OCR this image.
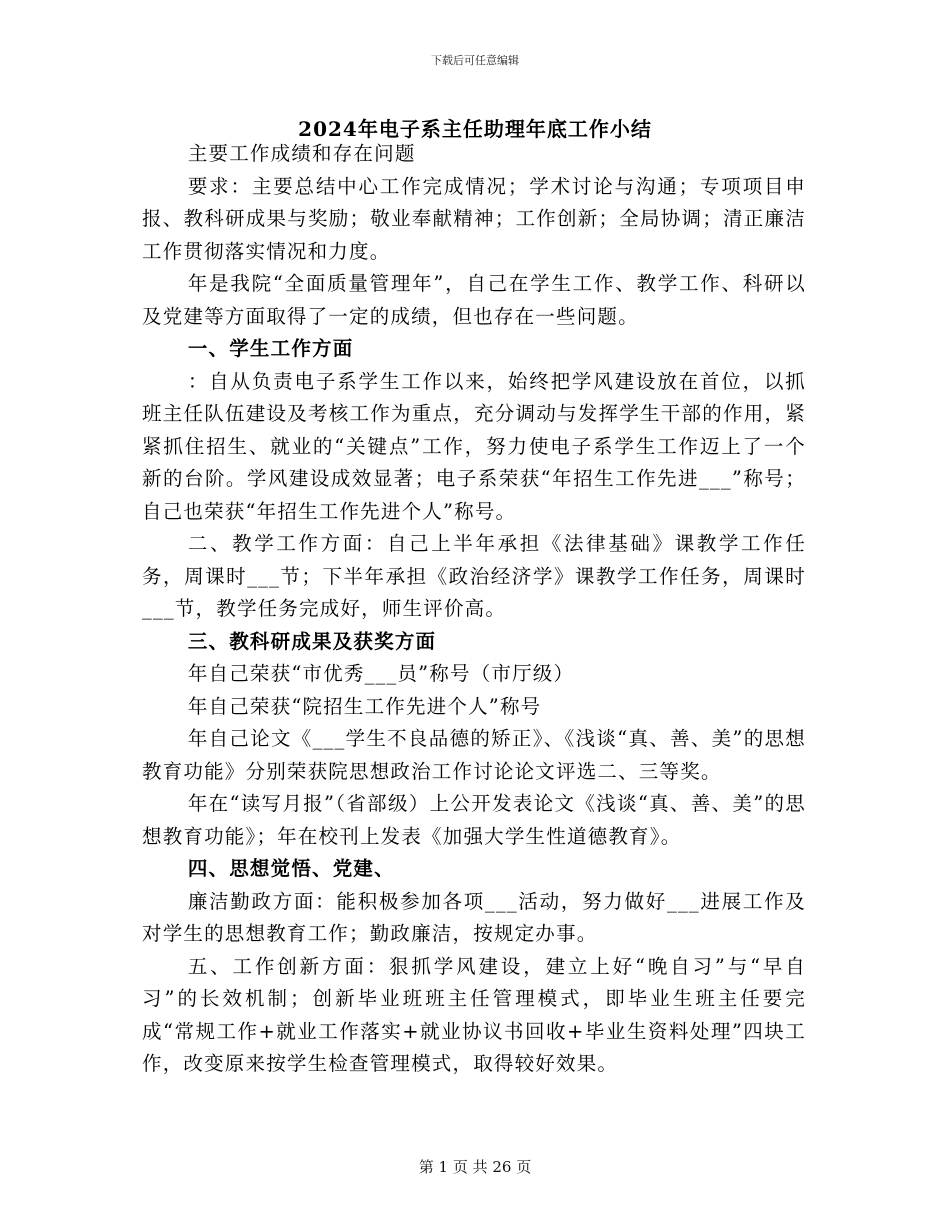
下载后可任意编辑
2024年电子系主任助理年底工作小结

主要工作成绩和存在问题

要求：主要总结中心工作完成情况；学术讨论与沟通；专项项目申报、教科研成果与奖励；敬业奉献精神；工作创新；全局协调；清正廉洁工作贯彻落实情况和力度。

年是我院“全面质量管理年”，自己在学生工作、教学工作、科研以及党建等方面取得了一定的成绩，但也存在一些问题。

一、学生工作方面

：自从负责电子系学生工作以来，始终把学风建设放在首位，以抓班主任队伍建设及考核工作为重点，充分调动与发挥学生干部的作用，紧紧抓住招生、就业的“关键点”工作，努力使电子系学生工作迈上了一个新的台阶。学风建设成效显著；电子系荣获“年招生工作先进___”称号；自己也荣获“年招生工作先进个人”称号。

二、教学工作方面：自己上半年承担《法律基础》课教学工作任务，周课时___节；下半年承担《政治经济学》课教学工作任务，周课时___节，教学任务完成好，师生评价高。

三、教科研成果及获奖方面

年自己荣获“市优秀___员”称号（市厅级）

年自己荣获“院招生工作先进个人”称号

年自己论文《___学生不良品德的矫正》、《浅谈“真、善、美”的思想教育功能》分别荣获院思想政治工作讨论论文评选二、三等奖。

年在“读写月报”（省部级）上公开发表论文《浅谈“真、善、美”的思想教育功能》；年在校刊上发表《加强大学生性道德教育》。

四、思想觉悟、党建、

廉洁勤政方面：能积极参加各项___活动，努力做好___进展工作及对学生的思想教育工作；勤政廉洁，按规定办事。

五、工作创新方面：狠抓学风建设，建立上好“晚自习”与“早自习”的长效机制；创新毕业班班主任管理模式，即毕业生班主任要完成“常规工作+就业工作落实+就业协议书回收+毕业生资料处理”四块工作，改变原来按学生检查管理模式，取得较好效果。

第 1 页 共 26 页
